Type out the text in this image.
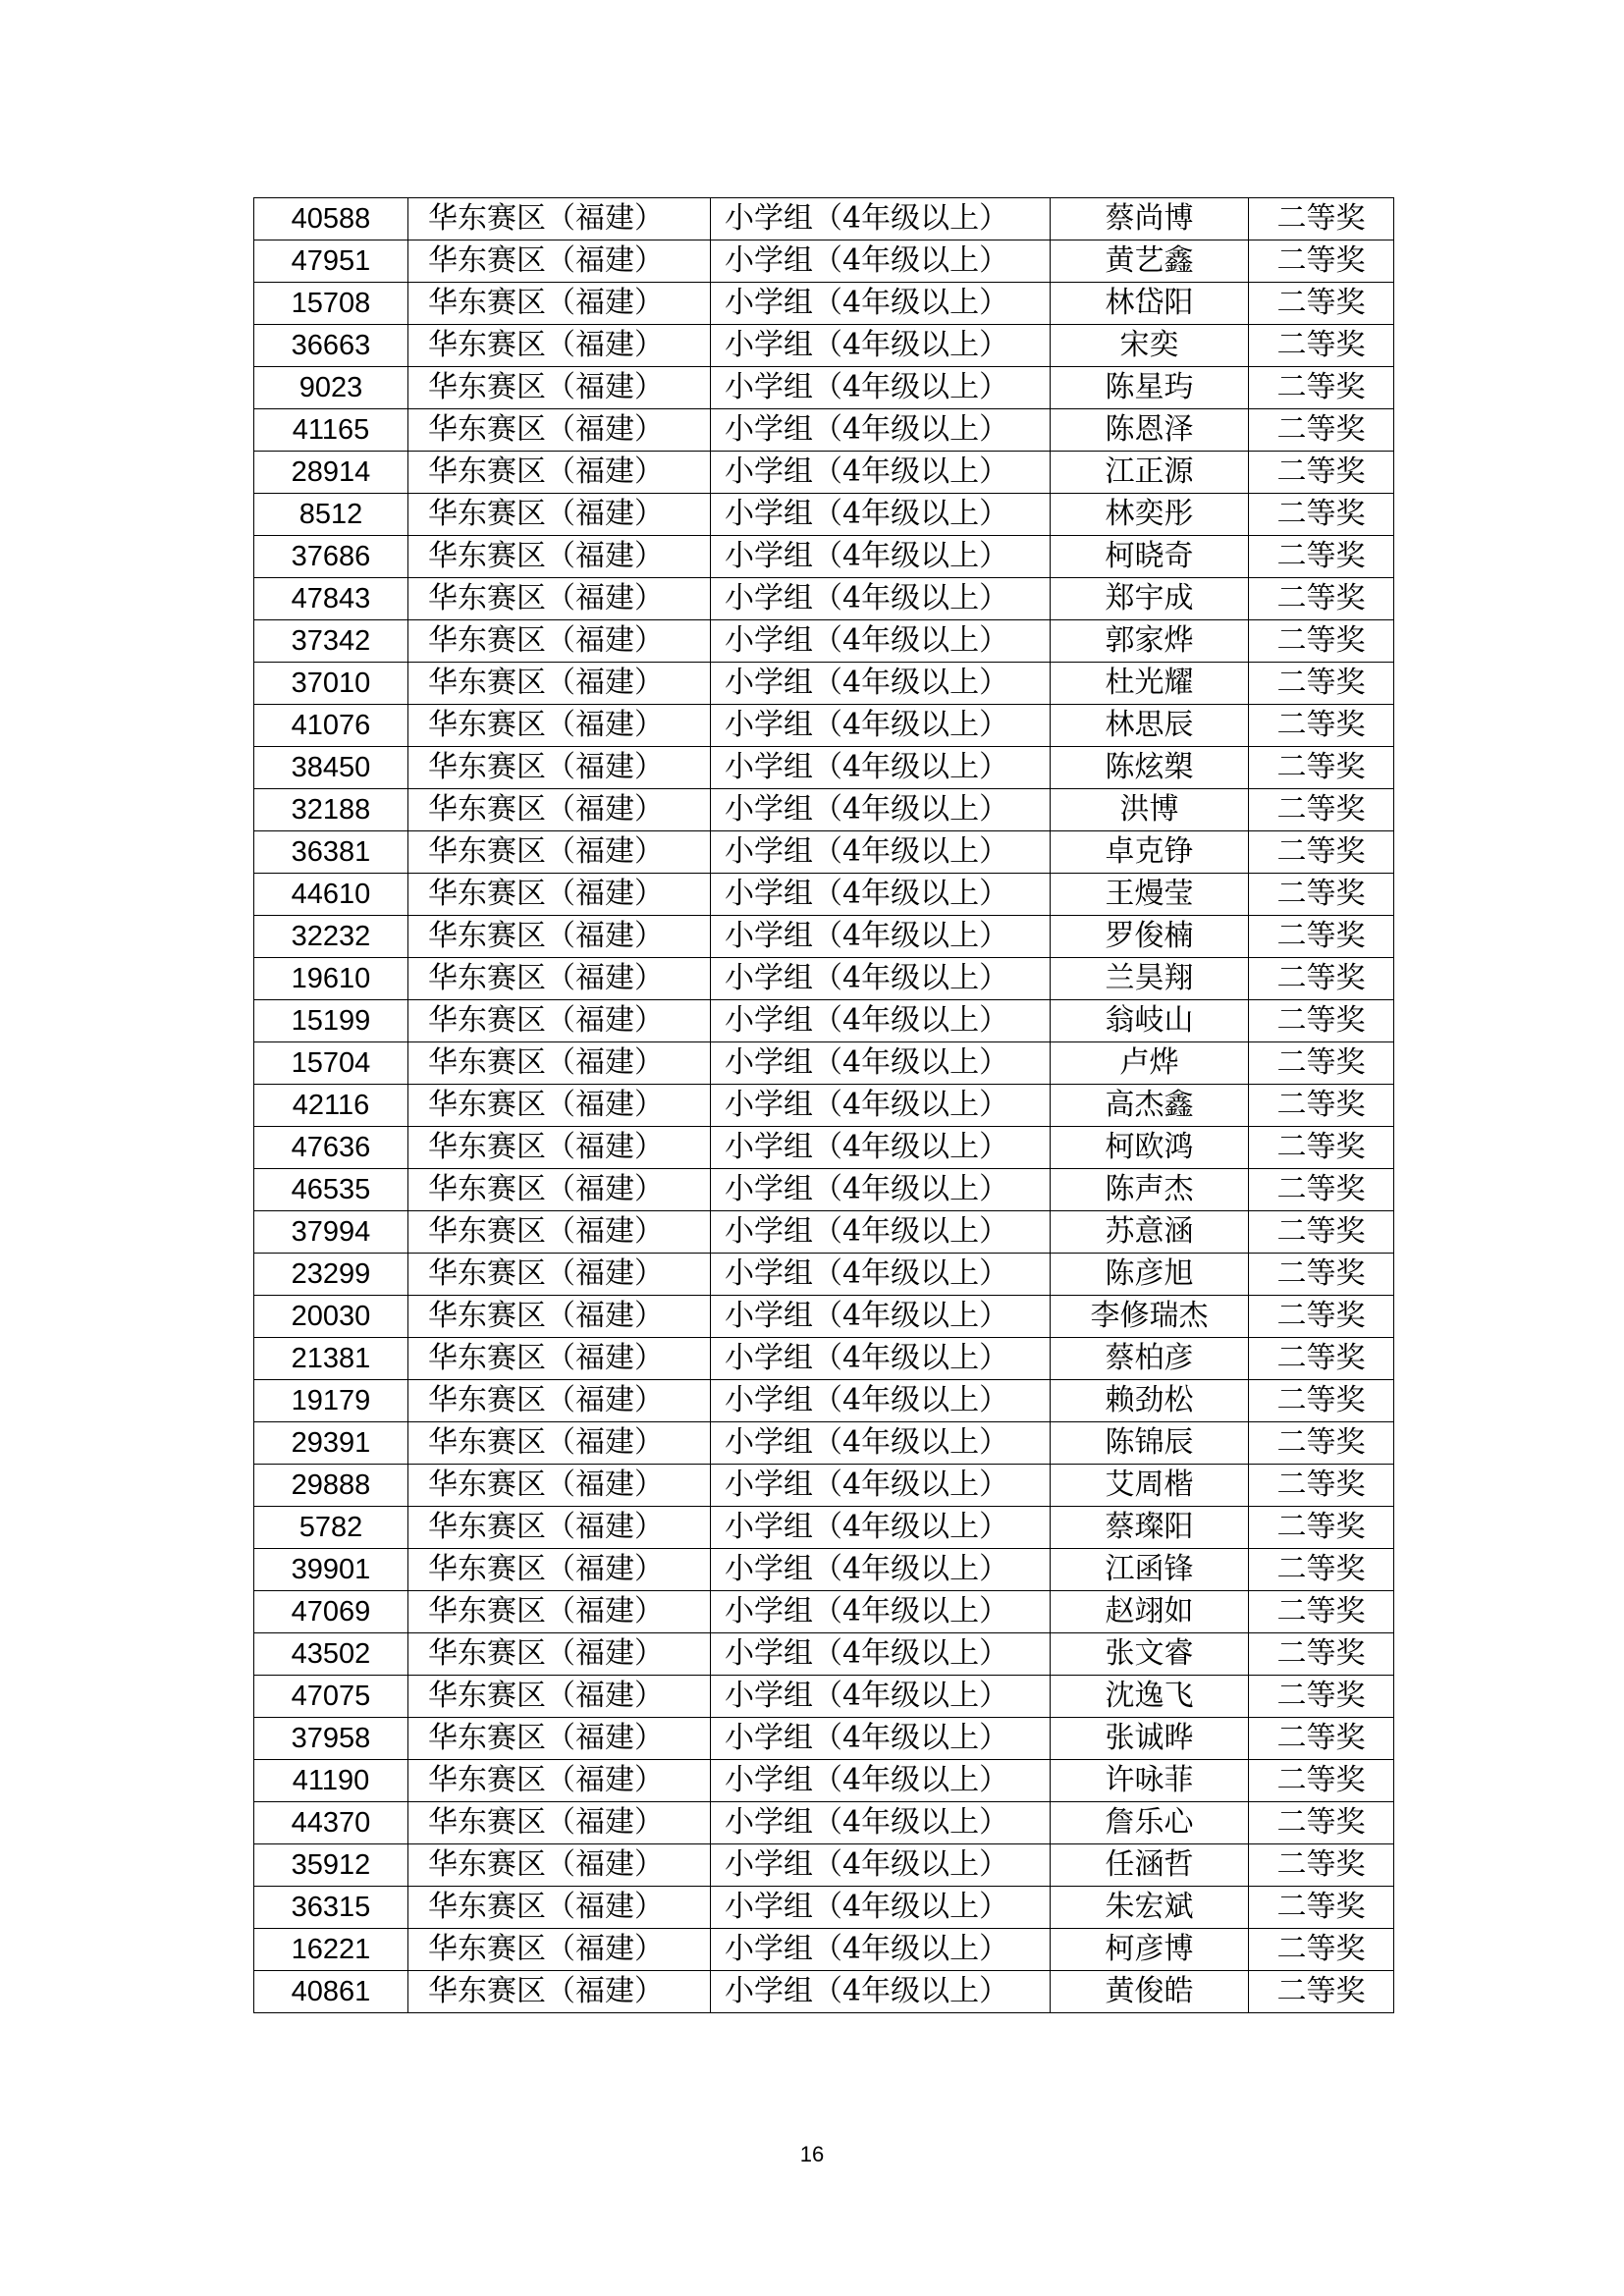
40588	华东赛区（福建）	小学组（4年级以上）	蔡尚博	二等奖
47951	华东赛区（福建）	小学组（4年级以上）	黄艺鑫	二等奖
15708	华东赛区（福建）	小学组（4年级以上）	林岱阳	二等奖
36663	华东赛区（福建）	小学组（4年级以上）	宋奕	二等奖
9023	华东赛区（福建）	小学组（4年级以上）	陈星玙	二等奖
41165	华东赛区（福建）	小学组（4年级以上）	陈恩泽	二等奖
28914	华东赛区（福建）	小学组（4年级以上）	江正源	二等奖
8512	华东赛区（福建）	小学组（4年级以上）	林奕彤	二等奖
37686	华东赛区（福建）	小学组（4年级以上）	柯晓奇	二等奖
47843	华东赛区（福建）	小学组（4年级以上）	郑宇成	二等奖
37342	华东赛区（福建）	小学组（4年级以上）	郭家烨	二等奖
37010	华东赛区（福建）	小学组（4年级以上）	杜光耀	二等奖
41076	华东赛区（福建）	小学组（4年级以上）	林思辰	二等奖
38450	华东赛区（福建）	小学组（4年级以上）	陈炫槊	二等奖
32188	华东赛区（福建）	小学组（4年级以上）	洪博	二等奖
36381	华东赛区（福建）	小学组（4年级以上）	卓克铮	二等奖
44610	华东赛区（福建）	小学组（4年级以上）	王熳莹	二等奖
32232	华东赛区（福建）	小学组（4年级以上）	罗俊楠	二等奖
19610	华东赛区（福建）	小学组（4年级以上）	兰昊翔	二等奖
15199	华东赛区（福建）	小学组（4年级以上）	翁岐山	二等奖
15704	华东赛区（福建）	小学组（4年级以上）	卢烨	二等奖
42116	华东赛区（福建）	小学组（4年级以上）	高杰鑫	二等奖
47636	华东赛区（福建）	小学组（4年级以上）	柯欧鸿	二等奖
46535	华东赛区（福建）	小学组（4年级以上）	陈声杰	二等奖
37994	华东赛区（福建）	小学组（4年级以上）	苏意涵	二等奖
23299	华东赛区（福建）	小学组（4年级以上）	陈彦旭	二等奖
20030	华东赛区（福建）	小学组（4年级以上）	李修瑞杰	二等奖
21381	华东赛区（福建）	小学组（4年级以上）	蔡柏彦	二等奖
19179	华东赛区（福建）	小学组（4年级以上）	赖劲松	二等奖
29391	华东赛区（福建）	小学组（4年级以上）	陈锦辰	二等奖
29888	华东赛区（福建）	小学组（4年级以上）	艾周楷	二等奖
5782	华东赛区（福建）	小学组（4年级以上）	蔡璨阳	二等奖
39901	华东赛区（福建）	小学组（4年级以上）	江函锋	二等奖
47069	华东赛区（福建）	小学组（4年级以上）	赵翊如	二等奖
43502	华东赛区（福建）	小学组（4年级以上）	张文睿	二等奖
47075	华东赛区（福建）	小学组（4年级以上）	沈逸飞	二等奖
37958	华东赛区（福建）	小学组（4年级以上）	张诚晔	二等奖
41190	华东赛区（福建）	小学组（4年级以上）	许咏菲	二等奖
44370	华东赛区（福建）	小学组（4年级以上）	詹乐心	二等奖
35912	华东赛区（福建）	小学组（4年级以上）	任涵哲	二等奖
36315	华东赛区（福建）	小学组（4年级以上）	朱宏斌	二等奖
16221	华东赛区（福建）	小学组（4年级以上）	柯彦博	二等奖
40861	华东赛区（福建）	小学组（4年级以上）	黄俊皓	二等奖
16
